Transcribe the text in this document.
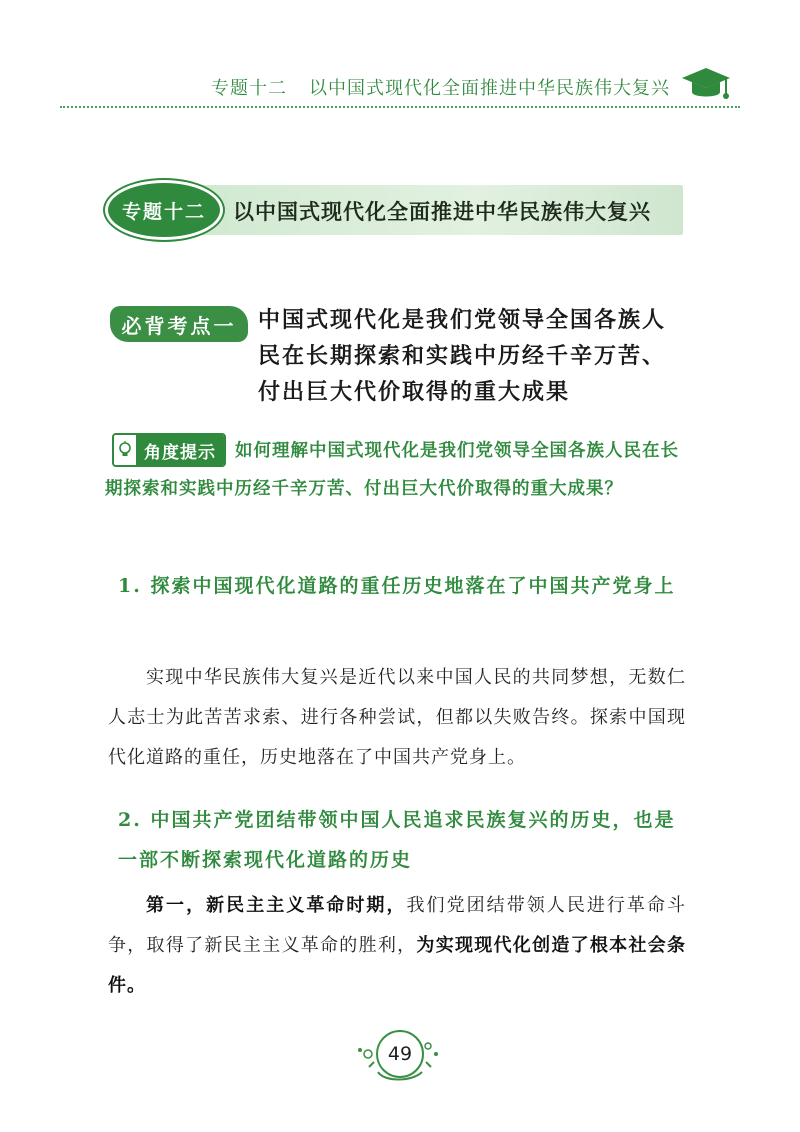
专题十二 以中国式现代化全面推进中华民族伟大复兴
专题十二 以中国式现代化全面推进中华民族伟大复兴
必背考点一 中国式现代化是我们党领导全国各族人民在长期探索和实践中历经千辛万苦、付出巨大代价取得的重大成果
如何理解中国式现代化是我们党领导全国各族人民在长期探索和实践中历经千辛万苦、付出巨大代价取得的重大成果？
角度提示
1. 探索中国现代化道路的重任历史地落在了中国共产党身上
实现中华民族伟大复兴是近代以来中国人民的共同梦想，无数仁人志士为此苦苦求索、进行各种尝试，但都以失败告终。探索中国现代化道路的重任，历史地落在了中国共产党身上。
2. 中国共产党团结带领中国人民追求民族复兴的历史，也是一部不断探索现代化道路的历史
第一，新民主主义革命时期，我们党团结带领人民进行革命斗争，取得了新民主主义革命的胜利，为实现现代化创造了根本社会条件。
49
